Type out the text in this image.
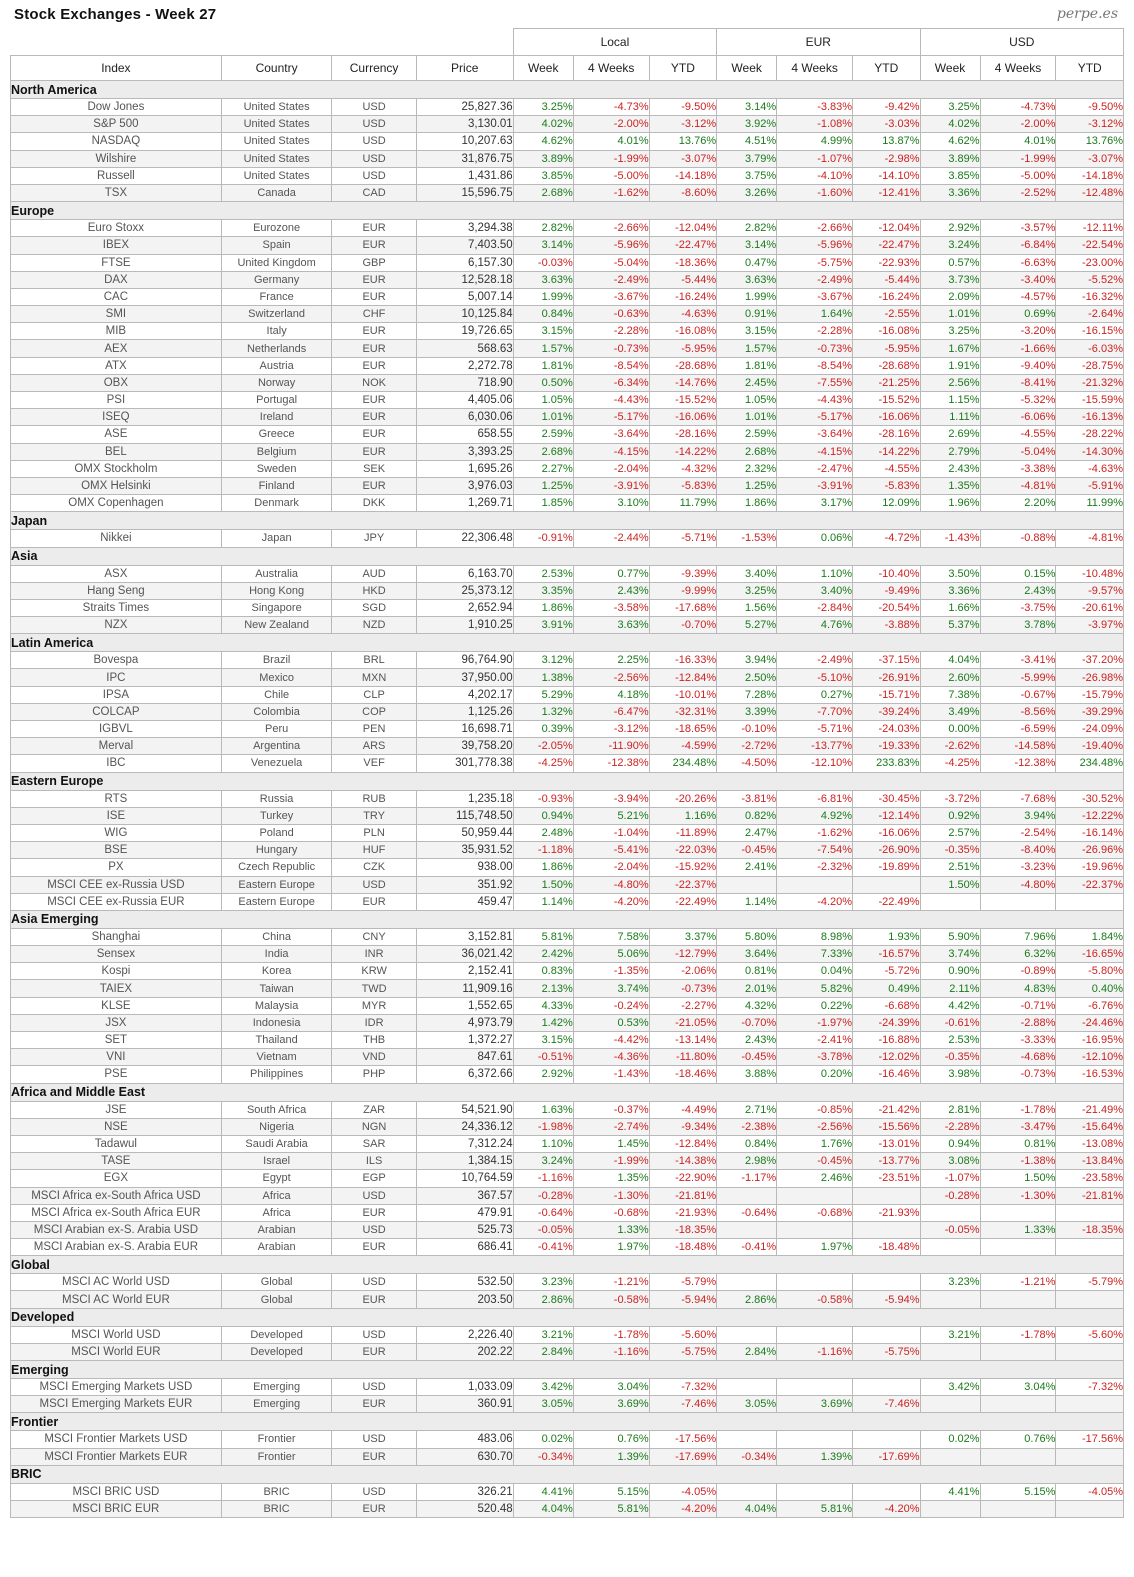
Stock Exchanges - Week 27	perpe.es
				Local			EUR			USD		
Index	Country	Currency	Price	Week	4 Weeks	YTD	Week	4 Weeks	YTD	Week	4 Weeks	YTD
North America												
Dow Jones	United States	USD	25,827.36	3.25%	-4.73%	-9.50%	3.14%	-3.83%	-9.42%	3.25%	-4.73%	-9.50%
S&P 500	United States	USD	3,130.01	4.02%	-2.00%	-3.12%	3.92%	-1.08%	-3.03%	4.02%	-2.00%	-3.12%
NASDAQ	United States	USD	10,207.63	4.62%	4.01%	13.76%	4.51%	4.99%	13.87%	4.62%	4.01%	13.76%
Wilshire	United States	USD	31,876.75	3.89%	-1.99%	-3.07%	3.79%	-1.07%	-2.98%	3.89%	-1.99%	-3.07%
Russell	United States	USD	1,431.86	3.85%	-5.00%	-14.18%	3.75%	-4.10%	-14.10%	3.85%	-5.00%	-14.18%
TSX	Canada	CAD	15,596.75	2.68%	-1.62%	-8.60%	3.26%	-1.60%	-12.41%	3.36%	-2.52%	-12.48%
Europe												
Euro Stoxx	Eurozone	EUR	3,294.38	2.82%	-2.66%	-12.04%	2.82%	-2.66%	-12.04%	2.92%	-3.57%	-12.11%
IBEX	Spain	EUR	7,403.50	3.14%	-5.96%	-22.47%	3.14%	-5.96%	-22.47%	3.24%	-6.84%	-22.54%
FTSE	United Kingdom	GBP	6,157.30	-0.03%	-5.04%	-18.36%	0.47%	-5.75%	-22.93%	0.57%	-6.63%	-23.00%
DAX	Germany	EUR	12,528.18	3.63%	-2.49%	-5.44%	3.63%	-2.49%	-5.44%	3.73%	-3.40%	-5.52%
CAC	France	EUR	5,007.14	1.99%	-3.67%	-16.24%	1.99%	-3.67%	-16.24%	2.09%	-4.57%	-16.32%
SMI	Switzerland	CHF	10,125.84	0.84%	-0.63%	-4.63%	0.91%	1.64%	-2.55%	1.01%	0.69%	-2.64%
MIB	Italy	EUR	19,726.65	3.15%	-2.28%	-16.08%	3.15%	-2.28%	-16.08%	3.25%	-3.20%	-16.15%
AEX	Netherlands	EUR	568.63	1.57%	-0.73%	-5.95%	1.57%	-0.73%	-5.95%	1.67%	-1.66%	-6.03%
ATX	Austria	EUR	2,272.78	1.81%	-8.54%	-28.68%	1.81%	-8.54%	-28.68%	1.91%	-9.40%	-28.75%
OBX	Norway	NOK	718.90	0.50%	-6.34%	-14.76%	2.45%	-7.55%	-21.25%	2.56%	-8.41%	-21.32%
PSI	Portugal	EUR	4,405.06	1.05%	-4.43%	-15.52%	1.05%	-4.43%	-15.52%	1.15%	-5.32%	-15.59%
ISEQ	Ireland	EUR	6,030.06	1.01%	-5.17%	-16.06%	1.01%	-5.17%	-16.06%	1.11%	-6.06%	-16.13%
ASE	Greece	EUR	658.55	2.59%	-3.64%	-28.16%	2.59%	-3.64%	-28.16%	2.69%	-4.55%	-28.22%
BEL	Belgium	EUR	3,393.25	2.68%	-4.15%	-14.22%	2.68%	-4.15%	-14.22%	2.79%	-5.04%	-14.30%
OMX Stockholm	Sweden	SEK	1,695.26	2.27%	-2.04%	-4.32%	2.32%	-2.47%	-4.55%	2.43%	-3.38%	-4.63%
OMX Helsinki	Finland	EUR	3,976.03	1.25%	-3.91%	-5.83%	1.25%	-3.91%	-5.83%	1.35%	-4.81%	-5.91%
OMX Copenhagen	Denmark	DKK	1,269.71	1.85%	3.10%	11.79%	1.86%	3.17%	12.09%	1.96%	2.20%	11.99%
Japan												
Nikkei	Japan	JPY	22,306.48	-0.91%	-2.44%	-5.71%	-1.53%	0.06%	-4.72%	-1.43%	-0.88%	-4.81%
Asia												
ASX	Australia	AUD	6,163.70	2.53%	0.77%	-9.39%	3.40%	1.10%	-10.40%	3.50%	0.15%	-10.48%
Hang Seng	Hong Kong	HKD	25,373.12	3.35%	2.43%	-9.99%	3.25%	3.40%	-9.49%	3.36%	2.43%	-9.57%
Straits Times	Singapore	SGD	2,652.94	1.86%	-3.58%	-17.68%	1.56%	-2.84%	-20.54%	1.66%	-3.75%	-20.61%
NZX	New Zealand	NZD	1,910.25	3.91%	3.63%	-0.70%	5.27%	4.76%	-3.88%	5.37%	3.78%	-3.97%
Latin America												
Bovespa	Brazil	BRL	96,764.90	3.12%	2.25%	-16.33%	3.94%	-2.49%	-37.15%	4.04%	-3.41%	-37.20%
IPC	Mexico	MXN	37,950.00	1.38%	-2.56%	-12.84%	2.50%	-5.10%	-26.91%	2.60%	-5.99%	-26.98%
IPSA	Chile	CLP	4,202.17	5.29%	4.18%	-10.01%	7.28%	0.27%	-15.71%	7.38%	-0.67%	-15.79%
COLCAP	Colombia	COP	1,125.26	1.32%	-6.47%	-32.31%	3.39%	-7.70%	-39.24%	3.49%	-8.56%	-39.29%
IGBVL	Peru	PEN	16,698.71	0.39%	-3.12%	-18.65%	-0.10%	-5.71%	-24.03%	0.00%	-6.59%	-24.09%
Merval	Argentina	ARS	39,758.20	-2.05%	-11.90%	-4.59%	-2.72%	-13.77%	-19.33%	-2.62%	-14.58%	-19.40%
IBC	Venezuela	VEF	301,778.38	-4.25%	-12.38%	234.48%	-4.50%	-12.10%	233.83%	-4.25%	-12.38%	234.48%
Eastern Europe												
RTS	Russia	RUB	1,235.18	-0.93%	-3.94%	-20.26%	-3.81%	-6.81%	-30.45%	-3.72%	-7.68%	-30.52%
ISE	Turkey	TRY	115,748.50	0.94%	5.21%	1.16%	0.82%	4.92%	-12.14%	0.92%	3.94%	-12.22%
WIG	Poland	PLN	50,959.44	2.48%	-1.04%	-11.89%	2.47%	-1.62%	-16.06%	2.57%	-2.54%	-16.14%
BSE	Hungary	HUF	35,931.52	-1.18%	-5.41%	-22.03%	-0.45%	-7.54%	-26.90%	-0.35%	-8.40%	-26.96%
PX	Czech Republic	CZK	938.00	1.86%	-2.04%	-15.92%	2.41%	-2.32%	-19.89%	2.51%	-3.23%	-19.96%
MSCI CEE ex-Russia USD	Eastern Europe	USD	351.92	1.50%	-4.80%	-22.37%				1.50%	-4.80%	-22.37%
MSCI CEE ex-Russia EUR	Eastern Europe	EUR	459.47	1.14%	-4.20%	-22.49%	1.14%	-4.20%	-22.49%			
Asia Emerging												
Shanghai	China	CNY	3,152.81	5.81%	7.58%	3.37%	5.80%	8.98%	1.93%	5.90%	7.96%	1.84%
Sensex	India	INR	36,021.42	2.42%	5.06%	-12.79%	3.64%	7.33%	-16.57%	3.74%	6.32%	-16.65%
Kospi	Korea	KRW	2,152.41	0.83%	-1.35%	-2.06%	0.81%	0.04%	-5.72%	0.90%	-0.89%	-5.80%
TAIEX	Taiwan	TWD	11,909.16	2.13%	3.74%	-0.73%	2.01%	5.82%	0.49%	2.11%	4.83%	0.40%
KLSE	Malaysia	MYR	1,552.65	4.33%	-0.24%	-2.27%	4.32%	0.22%	-6.68%	4.42%	-0.71%	-6.76%
JSX	Indonesia	IDR	4,973.79	1.42%	0.53%	-21.05%	-0.70%	-1.97%	-24.39%	-0.61%	-2.88%	-24.46%
SET	Thailand	THB	1,372.27	3.15%	-4.42%	-13.14%	2.43%	-2.41%	-16.88%	2.53%	-3.33%	-16.95%
VNI	Vietnam	VND	847.61	-0.51%	-4.36%	-11.80%	-0.45%	-3.78%	-12.02%	-0.35%	-4.68%	-12.10%
PSE	Philippines	PHP	6,372.66	2.92%	-1.43%	-18.46%	3.88%	0.20%	-16.46%	3.98%	-0.73%	-16.53%
Africa and Middle East												
JSE	South Africa	ZAR	54,521.90	1.63%	-0.37%	-4.49%	2.71%	-0.85%	-21.42%	2.81%	-1.78%	-21.49%
NSE	Nigeria	NGN	24,336.12	-1.98%	-2.74%	-9.34%	-2.38%	-2.56%	-15.56%	-2.28%	-3.47%	-15.64%
Tadawul	Saudi Arabia	SAR	7,312.24	1.10%	1.45%	-12.84%	0.84%	1.76%	-13.01%	0.94%	0.81%	-13.08%
TASE	Israel	ILS	1,384.15	3.24%	-1.99%	-14.38%	2.98%	-0.45%	-13.77%	3.08%	-1.38%	-13.84%
EGX	Egypt	EGP	10,764.59	-1.16%	1.35%	-22.90%	-1.17%	2.46%	-23.51%	-1.07%	1.50%	-23.58%
MSCI Africa ex-South Africa USD	Africa	USD	367.57	-0.28%	-1.30%	-21.81%				-0.28%	-1.30%	-21.81%
MSCI Africa ex-South Africa EUR	Africa	EUR	479.91	-0.64%	-0.68%	-21.93%	-0.64%	-0.68%	-21.93%			
MSCI Arabian ex-S. Arabia USD	Arabian	USD	525.73	-0.05%	1.33%	-18.35%				-0.05%	1.33%	-18.35%
MSCI Arabian ex-S. Arabia EUR	Arabian	EUR	686.41	-0.41%	1.97%	-18.48%	-0.41%	1.97%	-18.48%			
Global												
MSCI AC World USD	Global	USD	532.50	3.23%	-1.21%	-5.79%				3.23%	-1.21%	-5.79%
MSCI AC World EUR	Global	EUR	203.50	2.86%	-0.58%	-5.94%	2.86%	-0.58%	-5.94%			
Developed												
MSCI World USD	Developed	USD	2,226.40	3.21%	-1.78%	-5.60%				3.21%	-1.78%	-5.60%
MSCI World EUR	Developed	EUR	202.22	2.84%	-1.16%	-5.75%	2.84%	-1.16%	-5.75%			
Emerging												
MSCI Emerging Markets USD	Emerging	USD	1,033.09	3.42%	3.04%	-7.32%				3.42%	3.04%	-7.32%
MSCI Emerging Markets EUR	Emerging	EUR	360.91	3.05%	3.69%	-7.46%	3.05%	3.69%	-7.46%			
Frontier												
MSCI Frontier Markets USD	Frontier	USD	483.06	0.02%	0.76%	-17.56%				0.02%	0.76%	-17.56%
MSCI Frontier Markets EUR	Frontier	EUR	630.70	-0.34%	1.39%	-17.69%	-0.34%	1.39%	-17.69%			
BRIC												
MSCI BRIC USD	BRIC	USD	326.21	4.41%	5.15%	-4.05%				4.41%	5.15%	-4.05%
MSCI BRIC EUR	BRIC	EUR	520.48	4.04%	5.81%	-4.20%	4.04%	5.81%	-4.20%			
